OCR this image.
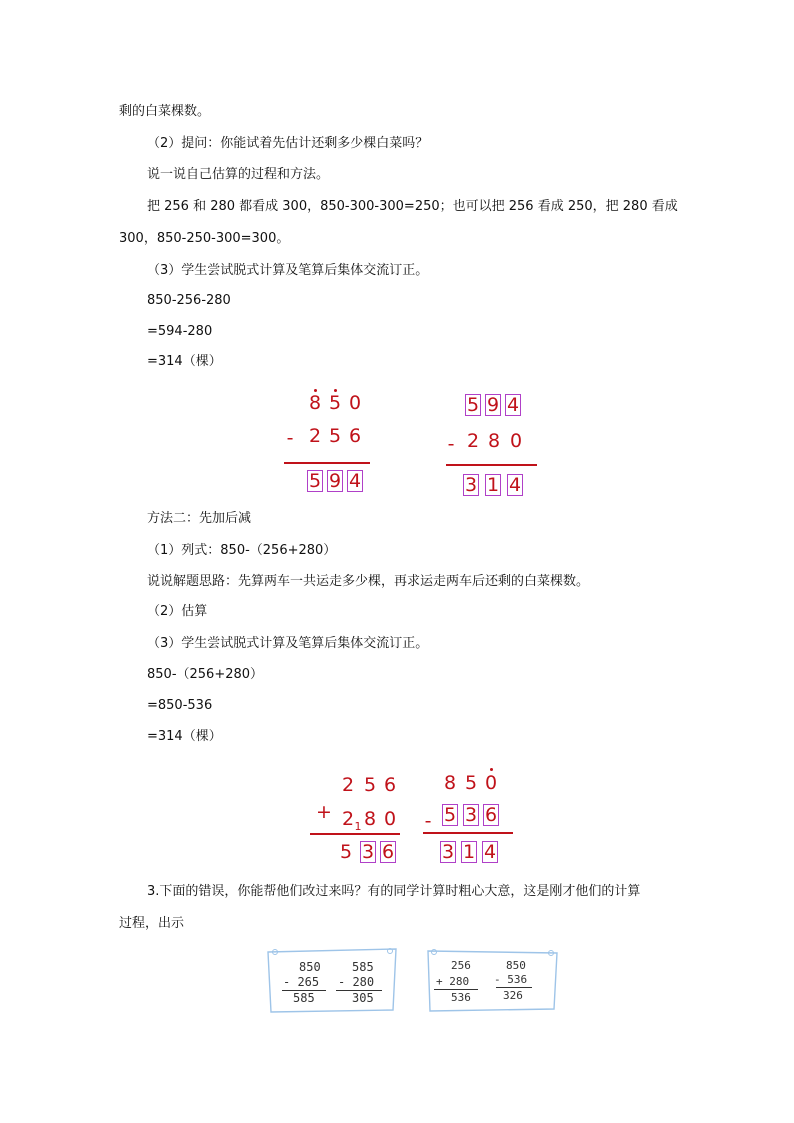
剩的白菜棵数。
（2）提问：你能试着先估计还剩多少棵白菜吗？
说一说自己估算的过程和方法。
把 256 和 280 都看成 300，850-300-300=250；也可以把 256 看成 250，把 280 看成
300，850-250-300=300。
（3）学生尝试脱式计算及笔算后集体交流订正。
850-256-280
=594-280
=314（棵）
8 5 0
- 2 5 6
5 9 4
5 9 4
- 2 8 0
3 1 4
方法二：先加后减
（1）列式：850-（256+280）
说说解题思路：先算两车一共运走多少棵，再求运走两车后还剩的白菜棵数。
（2）估算
（3）学生尝试脱式计算及笔算后集体交流订正。
850-（256+280）
=850-536
=314（棵）
2 5 6
+ 2 1 8 0
5 3 6
8 5 0
- 5 3 6
3 1 4
3.下面的错误，你能帮他们改过来吗？有的同学计算时粗心大意，这是刚才他们的计算
过程，出示
850
- 265
585
585
- 280
305
256
+ 280
536
850
- 536
326
